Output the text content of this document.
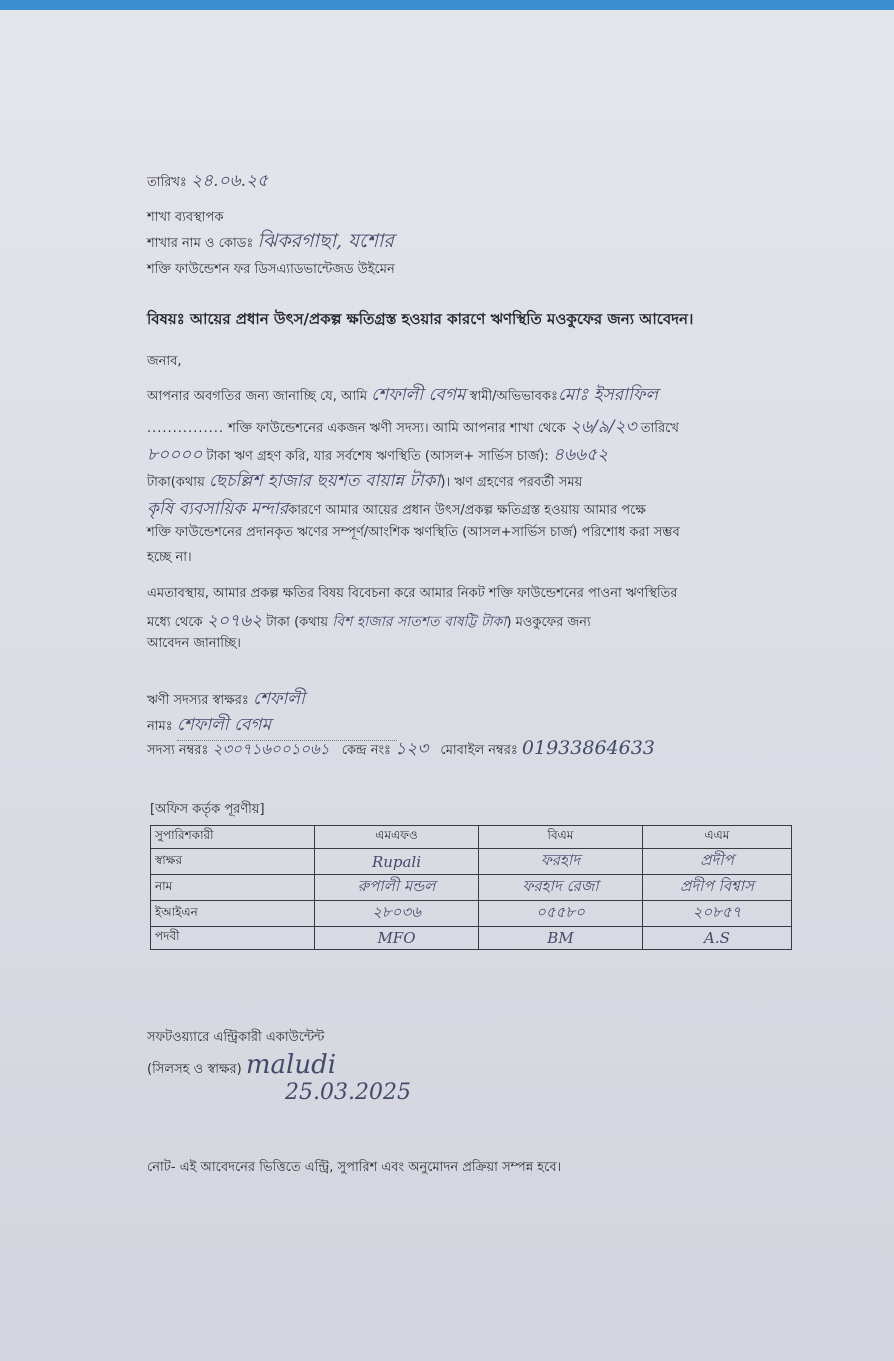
তারিখঃ ২৪.০৬.২৫
শাখা ব্যবস্থাপক
শাখার নাম ও কোডঃ ঝিকরগাছা, যশোর
শক্তি ফাউন্ডেশন ফর ডিসএ্যাডভান্টেজড উইমেন
বিষয়ঃ আয়ের প্রধান উৎস/প্রকল্প ক্ষতিগ্রস্ত হওয়ার কারণে ঋণস্থিতি মওকুফের জন্য আবেদন।
জনাব,
আপনার অবগতির জন্য জানাচ্ছি যে, আমি শেফালী বেগম স্বামী/অভিভাবকঃমোঃ ইসরাফিল
............... শক্তি ফাউন্ডেশনের একজন ঋণী সদস্য। আমি আপনার শাখা থেকে ২৬/৯/২৩ তারিখে
৮০০০০ টাকা ঋণ গ্রহণ করি, যার সর্বশেষ ঋণস্থিতি (আসল+ সার্ভিস চার্জ): ৪৬৬৫২
টাকা(কথায় ছেচল্লিশ হাজার ছয়শত বায়ান্ন টাকা)। ঋণ গ্রহণের পরবর্তী সময়
কৃষি ব্যবসায়িক মন্দারকারণে আমার আয়ের প্রধান উৎস/প্রকল্প ক্ষতিগ্রস্ত হওয়ায় আমার পক্ষে
শক্তি ফাউন্ডেশনের প্রদানকৃত ঋণের সম্পূর্ণ/আংশিক ঋণস্থিতি (আসল+সার্ভিস চার্জ) পরিশোধ করা সম্ভব
হচ্ছে না।
এমতাবস্থায়, আমার প্রকল্প ক্ষতির বিষয় বিবেচনা করে আমার নিকট শক্তি ফাউন্ডেশনের পাওনা ঋণস্থিতির
মধ্যে থেকে ২০৭৬২ টাকা (কথায় বিশ হাজার সাতশত বাষট্টি টাকা) মওকুফের জন্য
আবেদন জানাচ্ছি।
ঋণী সদস্যর স্বাক্ষরঃ শেফালী
নামঃ শেফালী বেগম
সদস্য নম্বরঃ ২৩০৭১৬০০১০৬১ কেন্দ্র নংঃ ১২৩ মোবাইল নম্বরঃ 01933864633
[অফিস কর্তৃক পূরণীয়]
সুপারিশকারী	এমএফও	বিএম	এএম
স্বাক্ষর	Rupali	ফরহাদ	প্রদীপ
নাম	রুপালী মন্ডল	ফরহাদ রেজা	প্রদীপ বিশ্বাস
ইআইএন	২৮০৩৬	০৫৫৮০	২০৮৫৭
পদবী	MFO	BM	A.S
সফটওয়্যারে এন্ট্রিকারী একাউন্টেন্ট
(সিলসহ ও স্বাক্ষর) maludi
25.03.2025
নোট- এই আবেদনের ভিত্তিতে এন্ট্রি, সুপারিশ এবং অনুমোদন প্রক্রিয়া সম্পন্ন হবে।
